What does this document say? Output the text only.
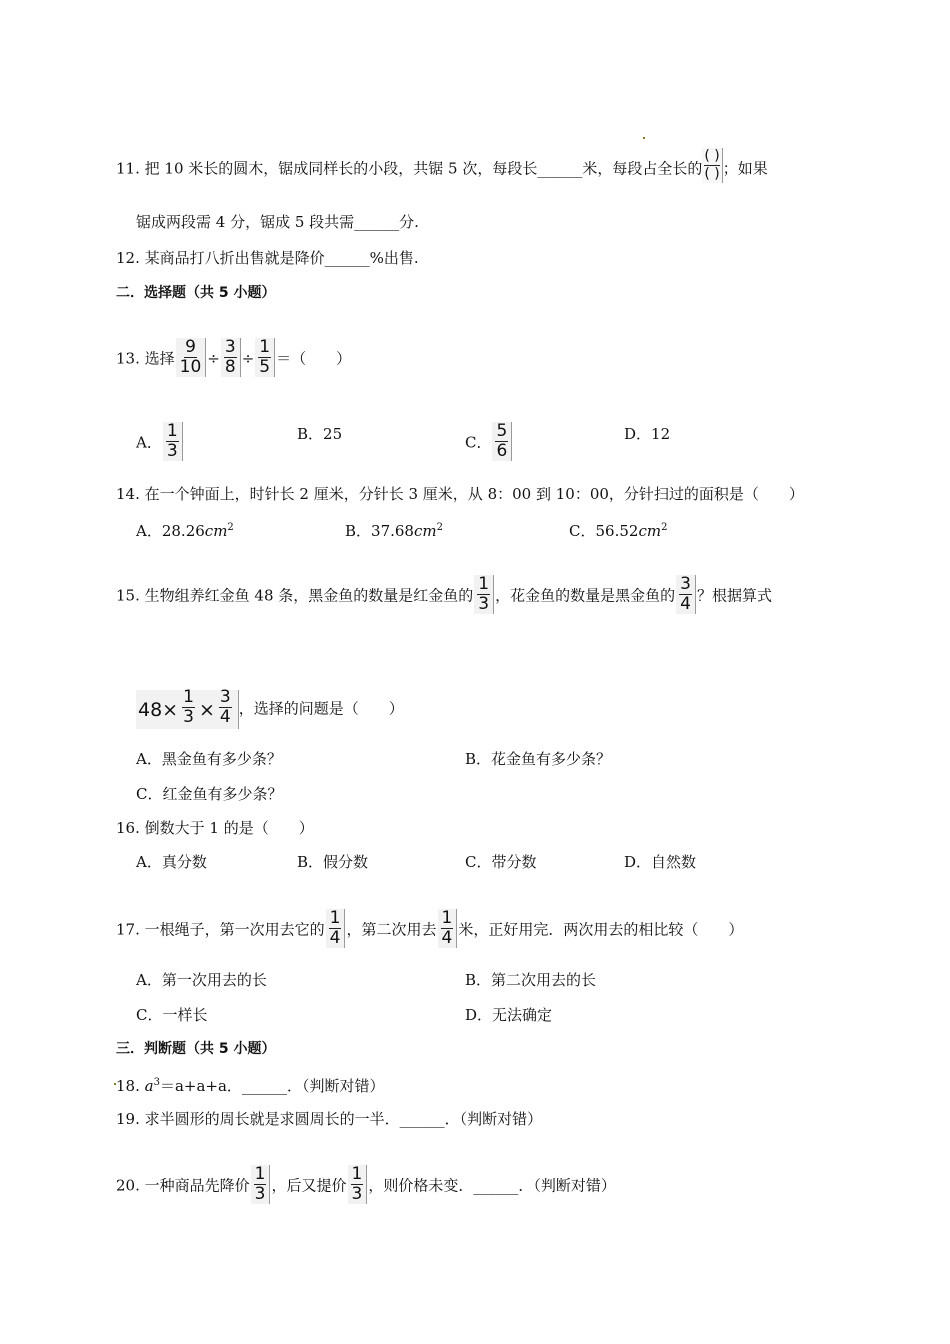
11. 把 10 米长的圆木，锯成同样长的小段，共锯 5 次，每段长______米，每段占全长的
( )
( ) ；如果
锯成两段需 4 分，锯成 5 段共需______分.
12. 某商品打八折出售就是降价______%出售.
二．选择题（共 5 小题）
13. 选择 $\frac{9}{10} \div \frac{3}{8} \div \frac{1}{5}$ ＝（　　）
A． $\frac{1}{3}$	B．25	C． $\frac{5}{6}$	D．12
14. 在一个钟面上，时针长 2 厘米，分针长 3 厘米，从 8：00 到 10：00，分针扫过的面积是（　　）
A．$28.26cm^2$	B．$37.68cm^2$	C．$56.52cm^2$
15. 生物组养红金鱼 48 条，黑金鱼的数量是红金鱼的 $\frac{1}{3}$ ，花金鱼的数量是黑金鱼的 $\frac{3}{4}$ ？根据算式
$48\times \frac{1}{3} \times \frac{3}{4}$ ，选择的问题是（　　）
A．黑金鱼有多少条？	B．花金鱼有多少条？
C．红金鱼有多少条？
16. 倒数大于 1 的是（　　）
A．真分数	B．假分数	C．带分数	D．自然数
17. 一根绳子，第一次用去它的 $\frac{1}{4}$ ，第二次用去 $\frac{1}{4}$ 米，正好用完．两次用去的相比较（　　）
A．第一次用去的长	B．第二次用去的长
C．一样长	D．无法确定
三．判断题（共 5 小题）
18. $a^3=a+a+a$．______．（判断对错）
19. 求半圆形的周长就是求圆周长的一半．______．（判断对错）
20. 一种商品先降价 $\frac{1}{3}$ ，后又提价 $\frac{1}{3}$ ，则价格未变．______．（判断对错）
